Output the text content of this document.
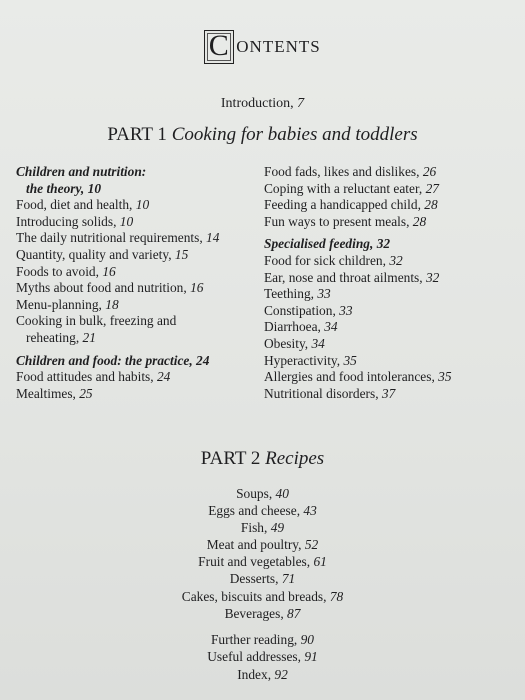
C ontents
Introduction, 7
PART 1 Cooking for babies and toddlers
Children and nutrition:
the theory, 10
Food, diet and health, 10
Introducing solids, 10
The daily nutritional requirements, 14
Quantity, quality and variety, 15
Foods to avoid, 16
Myths about food and nutrition, 16
Menu-planning, 18
Cooking in bulk, freezing and
reheating, 21
Children and food: the practice, 24
Food attitudes and habits, 24
Mealtimes, 25
Food fads, likes and dislikes, 26
Coping with a reluctant eater, 27
Feeding a handicapped child, 28
Fun ways to present meals, 28
Specialised feeding, 32
Food for sick children, 32
Ear, nose and throat ailments, 32
Teething, 33
Constipation, 33
Diarrhoea, 34
Obesity, 34
Hyperactivity, 35
Allergies and food intolerances, 35
Nutritional disorders, 37
PART 2 Recipes
Soups, 40
Eggs and cheese, 43
Fish, 49
Meat and poultry, 52
Fruit and vegetables, 61
Desserts, 71
Cakes, biscuits and breads, 78
Beverages, 87
Further reading, 90
Useful addresses, 91
Index, 92
